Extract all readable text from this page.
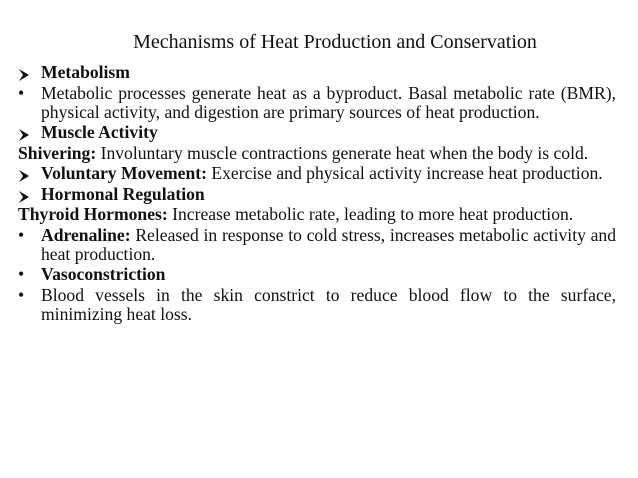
Mechanisms of Heat Production and Conservation
Metabolism
• Metabolic processes generate heat as a byproduct. Basal metabolic rate (BMR), physical activity, and digestion are primary sources of heat production.
Muscle Activity
Shivering: Involuntary muscle contractions generate heat when the body is cold.
Voluntary Movement: Exercise and physical activity increase heat production.
Hormonal Regulation
Thyroid Hormones: Increase metabolic rate, leading to more heat production.
• Adrenaline: Released in response to cold stress, increases metabolic activity and heat production.
• Vasoconstriction
• Blood vessels in the skin constrict to reduce blood flow to the surface, minimizing heat loss.
